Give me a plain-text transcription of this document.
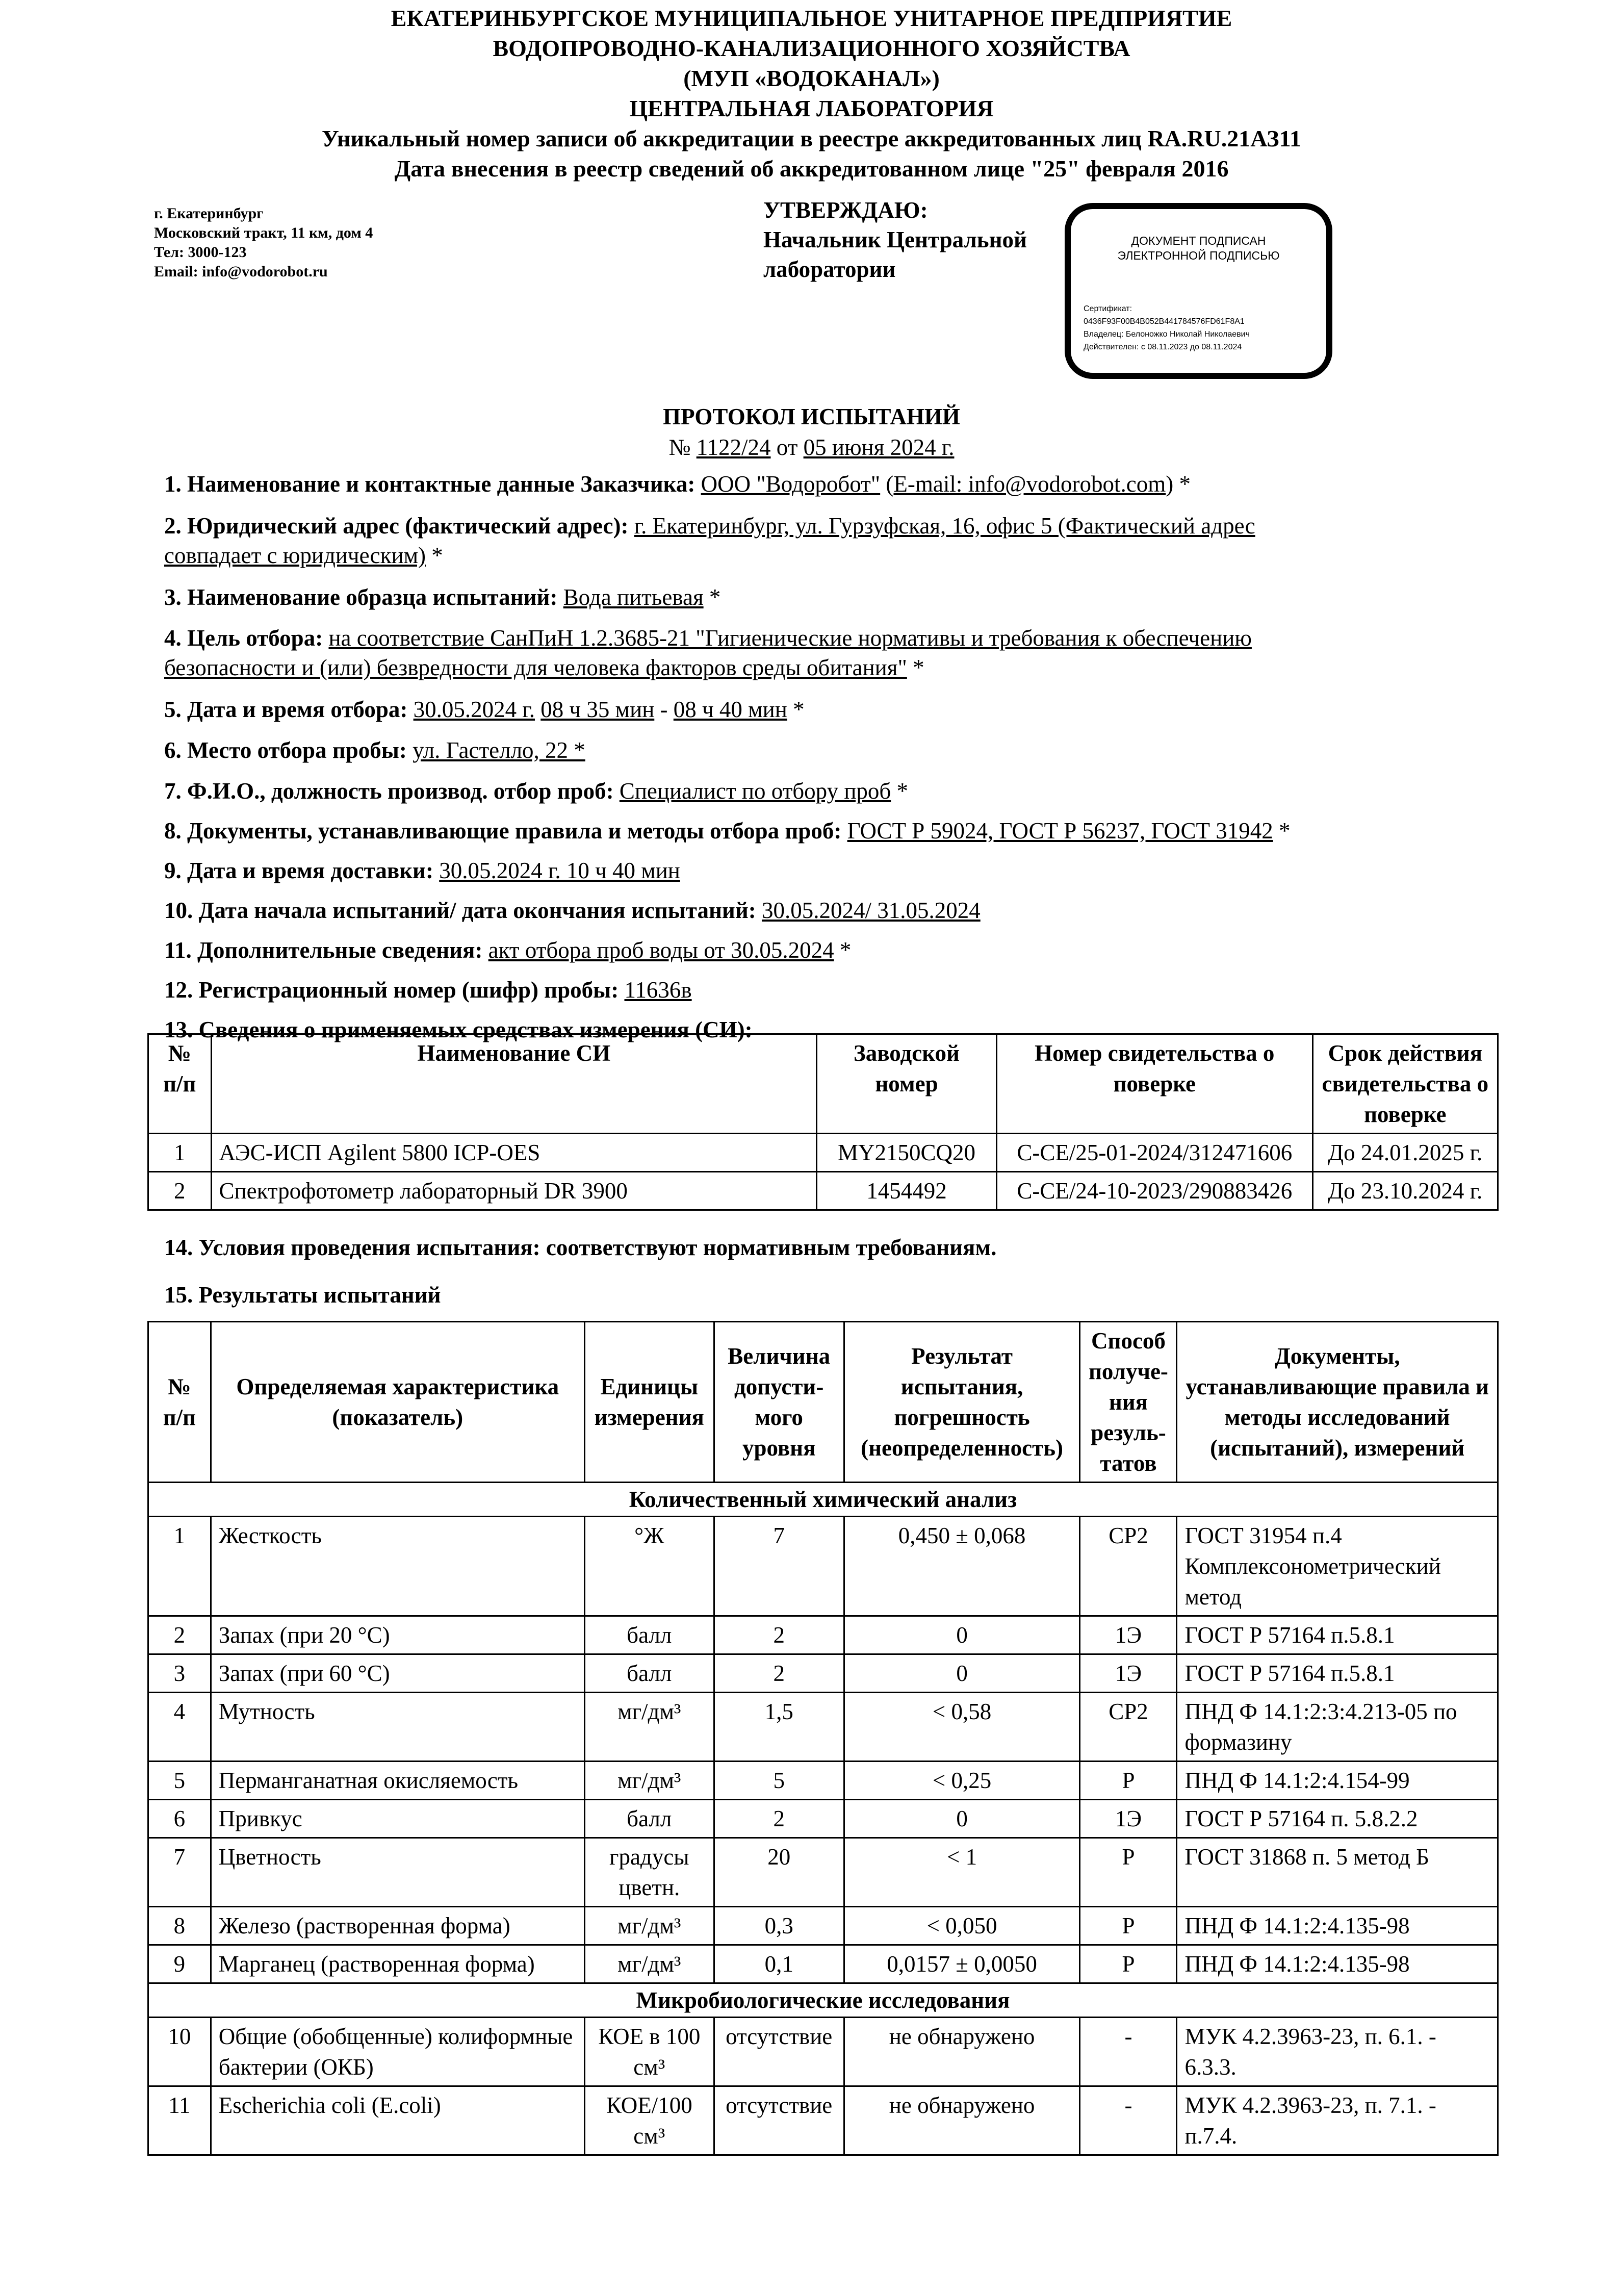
ЕКАТЕРИНБУРГСКОЕ МУНИЦИПАЛЬНОЕ УНИТАРНОЕ ПРЕДПРИЯТИЕ
ВОДОПРОВОДНО-КАНАЛИЗАЦИОННОГО ХОЗЯЙСТВА
(МУП «ВОДОКАНАЛ»)
ЦЕНТРАЛЬНАЯ ЛАБОРАТОРИЯ
Уникальный номер записи об аккредитации в реестре аккредитованных лиц RA.RU.21АЗ11
Дата внесения в реестр сведений об аккредитованном лице "25" февраля 2016
г. Екатеринбург
Московский тракт, 11 км, дом 4
Тел: 3000-123
Email: info@vodorobot.ru
УТВЕРЖДАЮ:
Начальник Центральной
лаборатории
ДОКУМЕНТ ПОДПИСАН
ЭЛЕКТРОННОЙ ПОДПИСЬЮ
Сертификат:
0436F93F00B4B052B441784576FD61F8A1
Владелец: Белоножко Николай Николаевич
Действителен: с 08.11.2023 до 08.11.2024
ПРОТОКОЛ ИСПЫТАНИЙ
№ 1122/24 от 05 июня 2024 г.
1. Наименование и контактные данные Заказчика: ООО "Водоробот" (E-mail: info@vodorobot.com) *
2. Юридический адрес (фактический адрес): г. Екатеринбург, ул. Гурзуфская, 16, офис 5 (Фактический адрес
совпадает с юридическим) *
3. Наименование образца испытаний: Вода питьевая *
4. Цель отбора: на соответствие СанПиН 1.2.3685-21 "Гигиенические нормативы и требования к обеспечению
безопасности и (или) безвредности для человека факторов среды обитания" *
5. Дата и время отбора: 30.05.2024 г. 08 ч 35 мин - 08 ч 40 мин *
6. Место отбора пробы: ул. Гастелло, 22 *
7. Ф.И.О., должность производ. отбор проб: Специалист по отбору проб *
8. Документы, устанавливающие правила и методы отбора проб: ГОСТ Р 59024, ГОСТ Р 56237, ГОСТ 31942 *
9. Дата и время доставки: 30.05.2024 г. 10 ч 40 мин
10. Дата начала испытаний/ дата окончания испытаний: 30.05.2024/ 31.05.2024
11. Дополнительные сведения: акт отбора проб воды от 30.05.2024 *
12. Регистрационный номер (шифр) пробы: 11636в
13. Сведения о применяемых средствах измерения (СИ):
№ п/п	Наименование СИ	Заводской номер	Номер свидетельства о поверке	Срок действия свидетельства о поверке
1	АЭС-ИСП Agilent 5800 ICP-OES	MY2150CQ20	С-СЕ/25-01-2024/312471606	До 24.01.2025 г.
2	Спектрофотометр лабораторный DR 3900	1454492	С-СЕ/24-10-2023/290883426	До 23.10.2024 г.
14. Условия проведения испытания: соответствуют нормативным требованиям.
15. Результаты испытаний
№ п/п	Определяемая характеристика (показатель)	Единицы измерения	Величина допусти-мого уровня	Результат испытания, погрешность (неопределенность)	Способ получе-ния резуль-татов	Документы, устанавливающие правила и методы исследований (испытаний), измерений
Количественный химический анализ						
1	Жесткость	°Ж	7	0,450 ± 0,068	СР2	ГОСТ 31954 п.4 Комплексонометрический метод
2	Запах (при 20 °С)	балл	2	0	1Э	ГОСТ Р 57164 п.5.8.1
3	Запах (при 60 °С)	балл	2	0	1Э	ГОСТ Р 57164 п.5.8.1
4	Мутность	мг/дм³	1,5	< 0,58	СР2	ПНД Ф 14.1:2:3:4.213-05 по формазину
5	Перманганатная окисляемость	мг/дм³	5	< 0,25	Р	ПНД Ф 14.1:2:4.154-99
6	Привкус	балл	2	0	1Э	ГОСТ Р 57164 п. 5.8.2.2
7	Цветность	градусы цветн.	20	< 1	Р	ГОСТ 31868 п. 5 метод Б
8	Железо (растворенная форма)	мг/дм³	0,3	< 0,050	Р	ПНД Ф 14.1:2:4.135-98
9	Марганец (растворенная форма)	мг/дм³	0,1	0,0157 ± 0,0050	Р	ПНД Ф 14.1:2:4.135-98
Микробиологические исследования						
10	Общие (обобщенные) колиформные бактерии (ОКБ)	КОЕ в 100 см³	отсутствие	не обнаружено	-	МУК 4.2.3963-23, п. 6.1. - 6.3.3.
11	Escherichia coli (E.coli)	КОЕ/100 см³	отсутствие	не обнаружено	-	МУК 4.2.3963-23, п. 7.1. - п.7.4.
